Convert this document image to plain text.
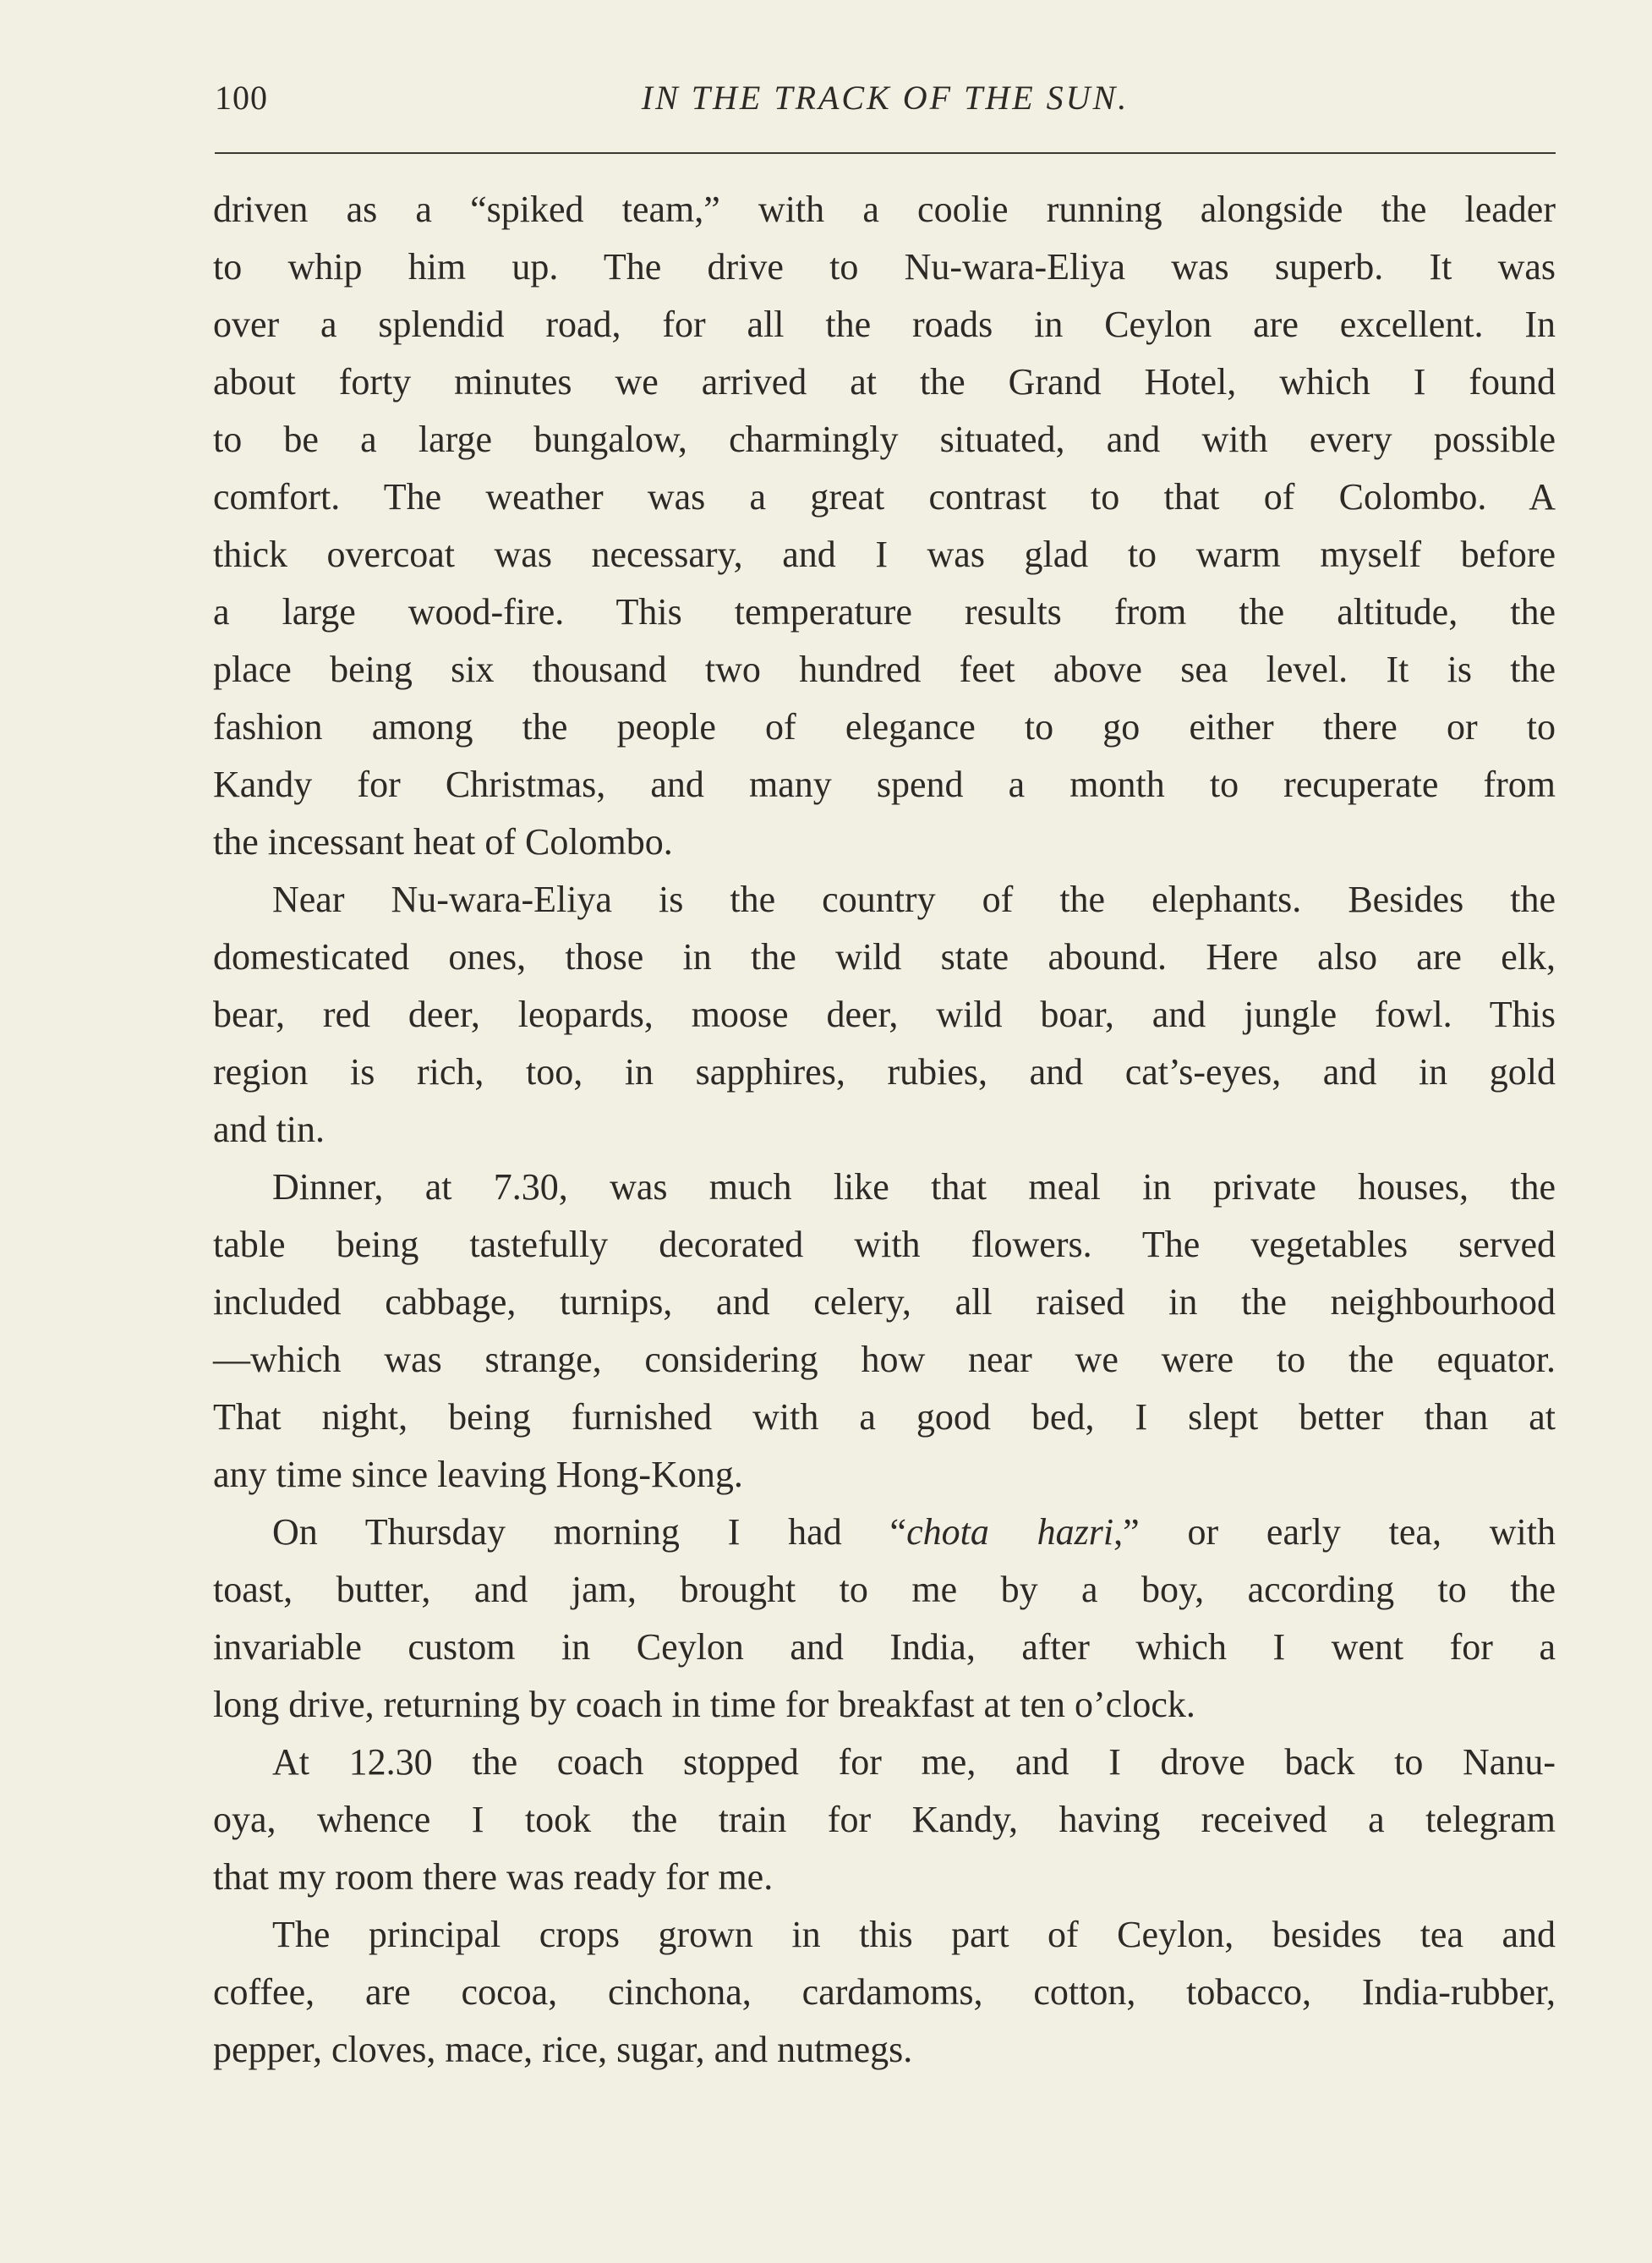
100	IN THE TRACK OF THE SUN.
driven as a “spiked team,” with a coolie running alongside the leader
to whip him up. The drive to Nu-wara-Eliya was superb. It was
over a splendid road, for all the roads in Ceylon are excellent. In
about forty minutes we arrived at the Grand Hotel, which I found
to be a large bungalow, charmingly situated, and with every possible
comfort. The weather was a great contrast to that of Colombo. A
thick overcoat was necessary, and I was glad to warm myself before
a large wood-fire. This temperature results from the altitude, the
place being six thousand two hundred feet above sea level. It is the
fashion among the people of elegance to go either there or to
Kandy for Christmas, and many spend a month to recuperate from
the incessant heat of Colombo.
Near Nu-wara-Eliya is the country of the elephants. Besides the
domesticated ones, those in the wild state abound. Here also are elk,
bear, red deer, leopards, moose deer, wild boar, and jungle fowl. This
region is rich, too, in sapphires, rubies, and cat’s-eyes, and in gold
and tin.
Dinner, at 7.30, was much like that meal in private houses, the
table being tastefully decorated with flowers. The vegetables served
included cabbage, turnips, and celery, all raised in the neighbourhood
—which was strange, considering how near we were to the equator.
That night, being furnished with a good bed, I slept better than at
any time since leaving Hong-Kong.
On Thursday morning I had “chota hazri,” or early tea, with
toast, butter, and jam, brought to me by a boy, according to the
invariable custom in Ceylon and India, after which I went for a
long drive, returning by coach in time for breakfast at ten o’clock.
At 12.30 the coach stopped for me, and I drove back to Nanu-
oya, whence I took the train for Kandy, having received a telegram
that my room there was ready for me.
The principal crops grown in this part of Ceylon, besides tea and
coffee, are cocoa, cinchona, cardamoms, cotton, tobacco, India-rubber,
pepper, cloves, mace, rice, sugar, and nutmegs.
